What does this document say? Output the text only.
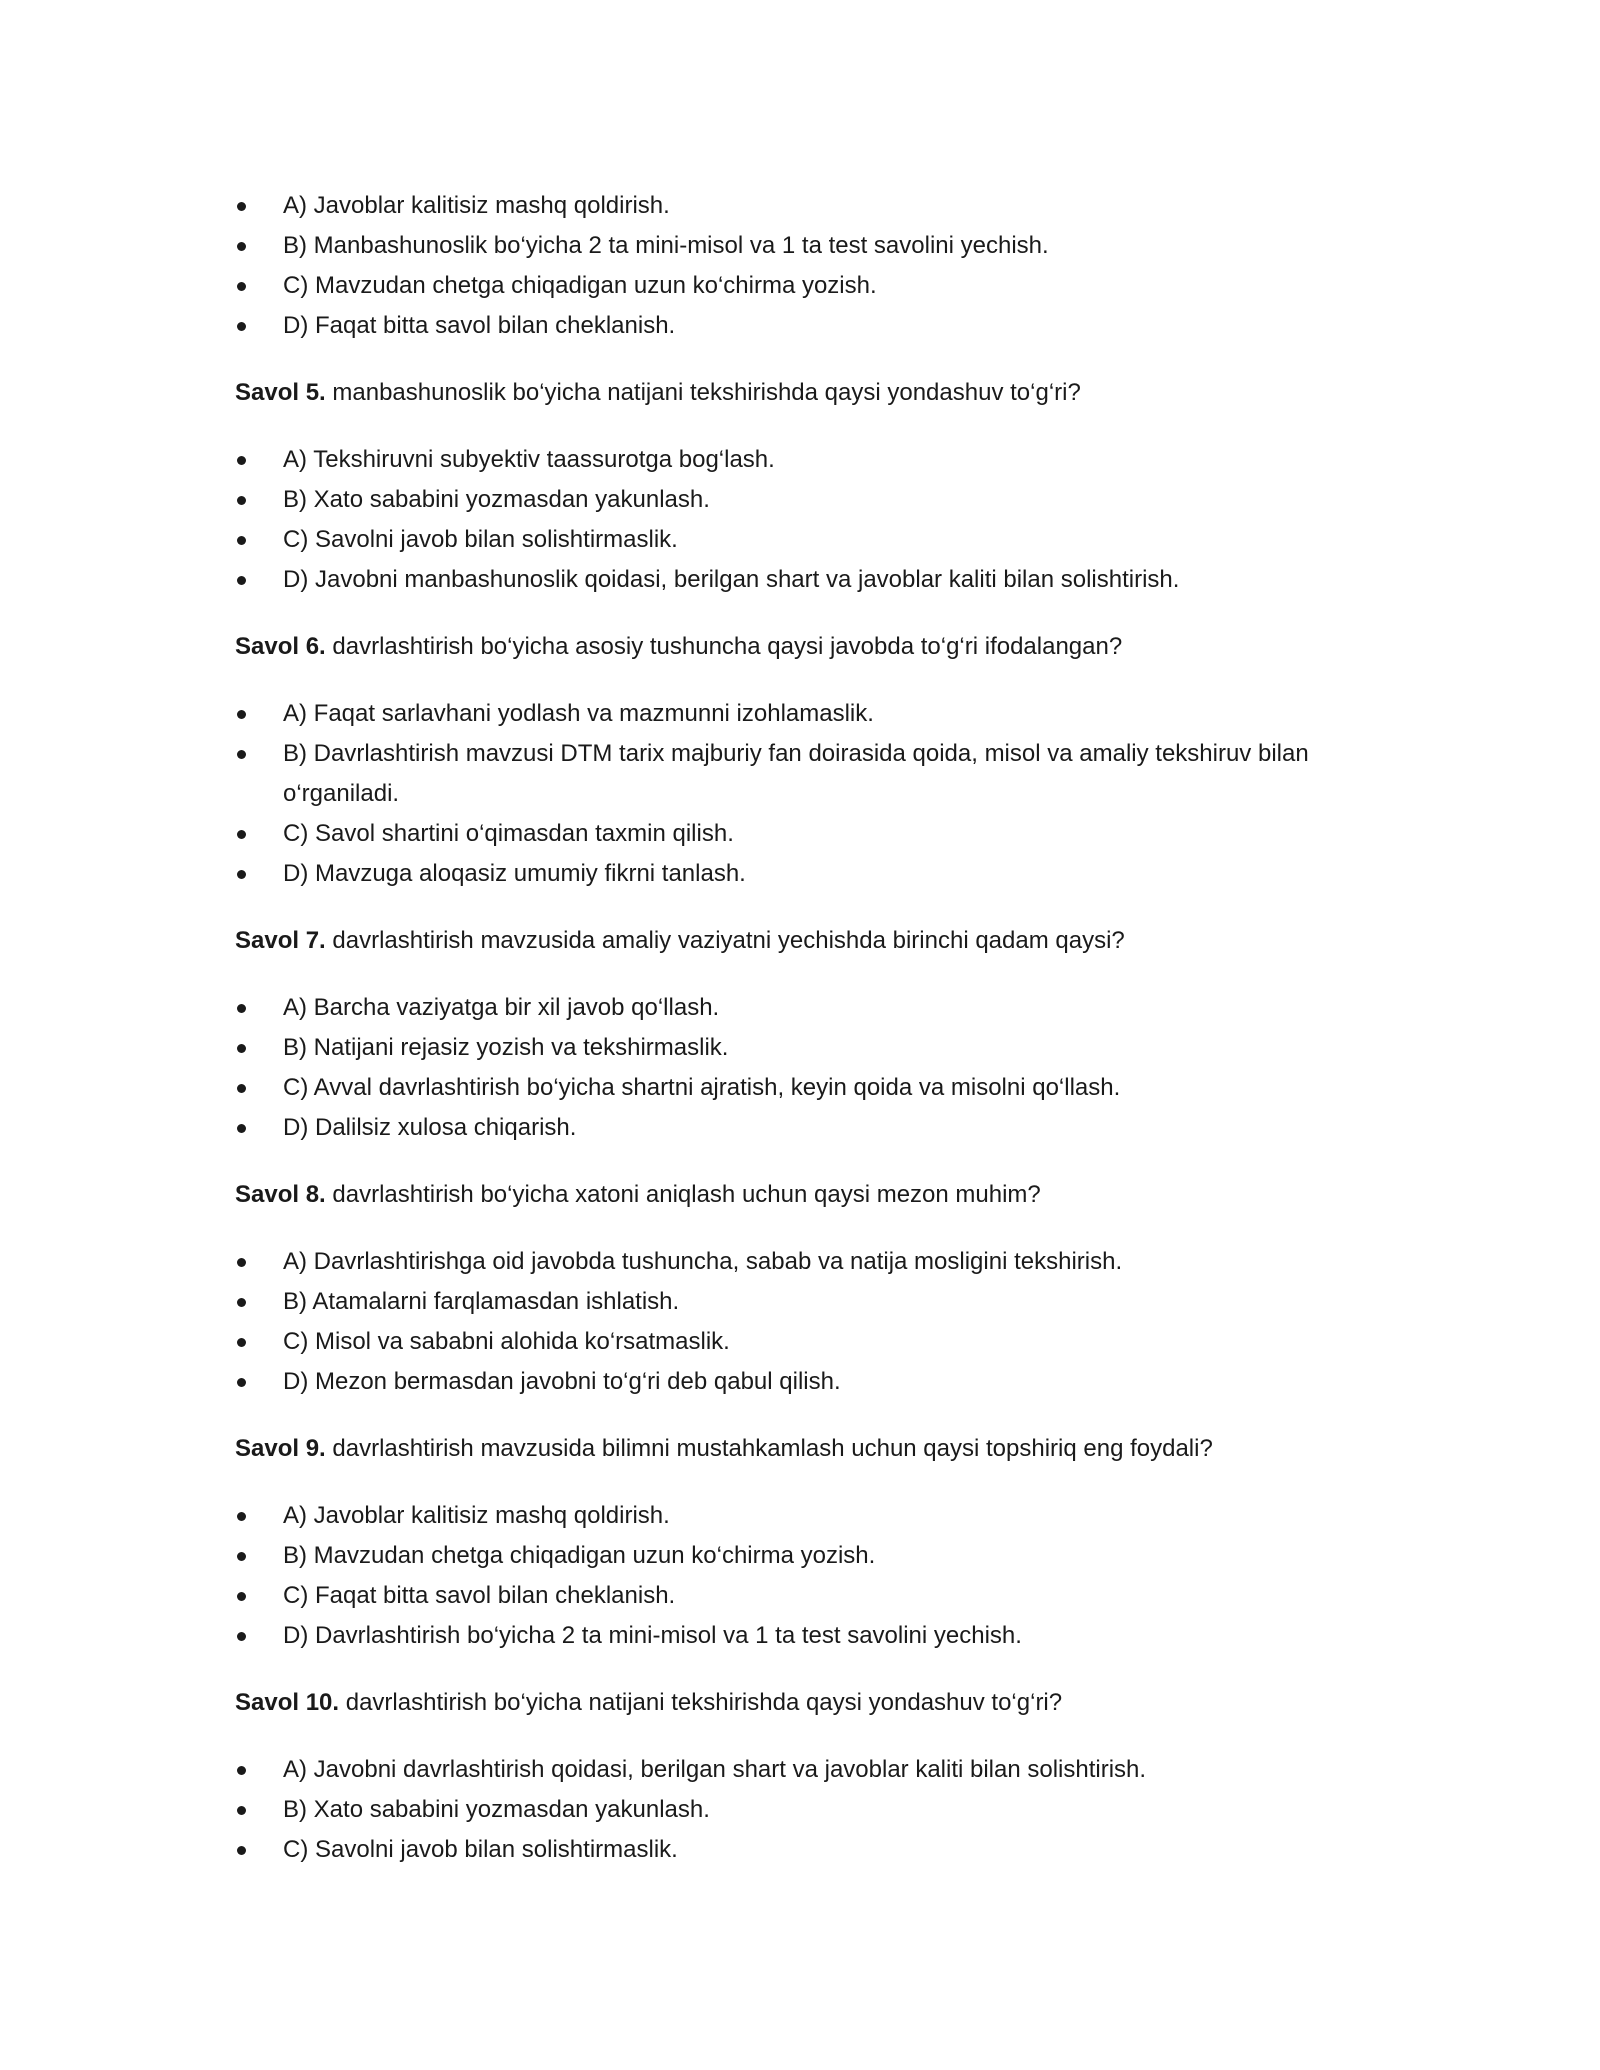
A) Javoblar kalitisiz mashq qoldirish.
B) Manbashunoslik bo‘yicha 2 ta mini-misol va 1 ta test savolini yechish.
C) Mavzudan chetga chiqadigan uzun ko‘chirma yozish.
D) Faqat bitta savol bilan cheklanish.
Savol 5. manbashunoslik bo‘yicha natijani tekshirishda qaysi yondashuv to‘g‘ri?
A) Tekshiruvni subyektiv taassurotga bog‘lash.
B) Xato sababini yozmasdan yakunlash.
C) Savolni javob bilan solishtirmaslik.
D) Javobni manbashunoslik qoidasi, berilgan shart va javoblar kaliti bilan solishtirish.
Savol 6. davrlashtirish bo‘yicha asosiy tushuncha qaysi javobda to‘g‘ri ifodalangan?
A) Faqat sarlavhani yodlash va mazmunni izohlamaslik.
B) Davrlashtirish mavzusi DTM tarix majburiy fan doirasida qoida, misol va amaliy tekshiruv bilan o‘rganiladi.
C) Savol shartini o‘qimasdan taxmin qilish.
D) Mavzuga aloqasiz umumiy fikrni tanlash.
Savol 7. davrlashtirish mavzusida amaliy vaziyatni yechishda birinchi qadam qaysi?
A) Barcha vaziyatga bir xil javob qo‘llash.
B) Natijani rejasiz yozish va tekshirmaslik.
C) Avval davrlashtirish bo‘yicha shartni ajratish, keyin qoida va misolni qo‘llash.
D) Dalilsiz xulosa chiqarish.
Savol 8. davrlashtirish bo‘yicha xatoni aniqlash uchun qaysi mezon muhim?
A) Davrlashtirishga oid javobda tushuncha, sabab va natija mosligini tekshirish.
B) Atamalarni farqlamasdan ishlatish.
C) Misol va sababni alohida ko‘rsatmaslik.
D) Mezon bermasdan javobni to‘g‘ri deb qabul qilish.
Savol 9. davrlashtirish mavzusida bilimni mustahkamlash uchun qaysi topshiriq eng foydali?
A) Javoblar kalitisiz mashq qoldirish.
B) Mavzudan chetga chiqadigan uzun ko‘chirma yozish.
C) Faqat bitta savol bilan cheklanish.
D) Davrlashtirish bo‘yicha 2 ta mini-misol va 1 ta test savolini yechish.
Savol 10. davrlashtirish bo‘yicha natijani tekshirishda qaysi yondashuv to‘g‘ri?
A) Javobni davrlashtirish qoidasi, berilgan shart va javoblar kaliti bilan solishtirish.
B) Xato sababini yozmasdan yakunlash.
C) Savolni javob bilan solishtirmaslik.
